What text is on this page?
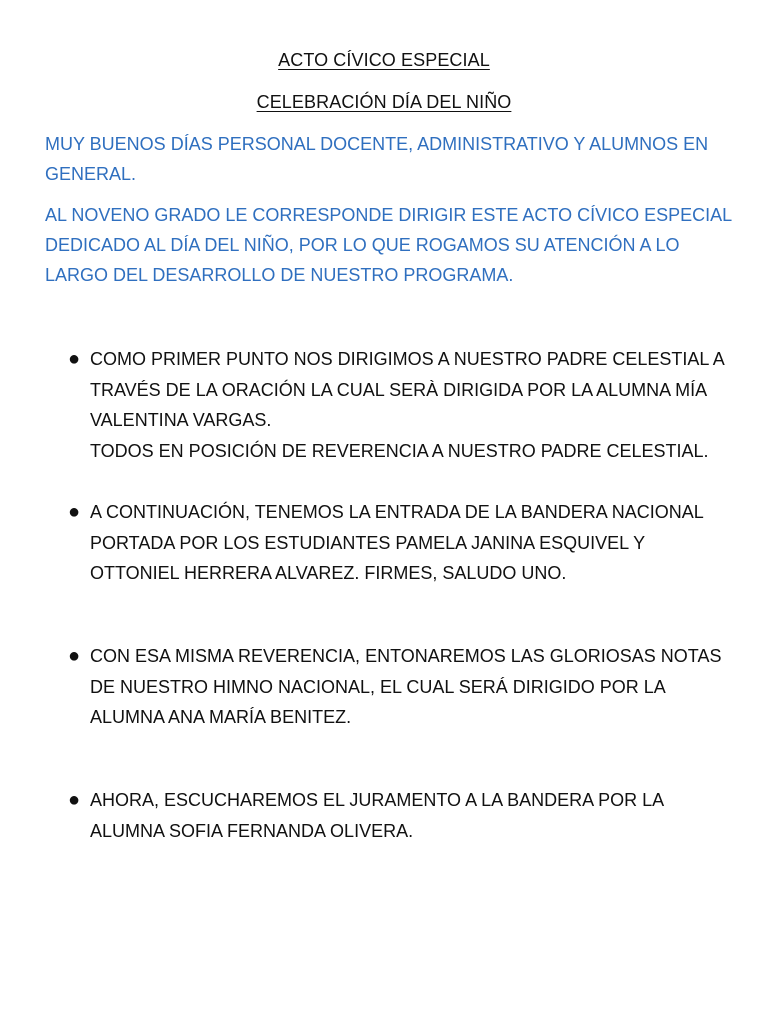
ACTO CÍVICO ESPECIAL
CELEBRACIÓN DÍA DEL NIÑO

MUY BUENOS DÍAS PERSONAL DOCENTE, ADMINISTRATIVO Y ALUMNOS EN GENERAL.

AL NOVENO GRADO LE CORRESPONDE DIRIGIR ESTE ACTO CÍVICO ESPECIAL DEDICADO AL DÍA DEL NIÑO, POR LO QUE ROGAMOS SU ATENCIÓN A LO LARGO DEL DESARROLLO DE NUESTRO PROGRAMA.

● COMO PRIMER PUNTO NOS DIRIGIMOS A NUESTRO PADRE CELESTIAL A TRAVÉS DE LA ORACIÓN LA CUAL SERÀ DIRIGIDA POR LA ALUMNA MÍA VALENTINA VARGAS.
TODOS EN POSICIÓN DE REVERENCIA A NUESTRO PADRE CELESTIAL.
● A CONTINUACIÓN, TENEMOS LA ENTRADA DE LA BANDERA NACIONAL PORTADA POR LOS ESTUDIANTES PAMELA JANINA ESQUIVEL Y OTTONIEL HERRERA ALVAREZ. FIRMES, SALUDO UNO.
● CON ESA MISMA REVERENCIA, ENTONAREMOS LAS GLORIOSAS NOTAS DE NUESTRO HIMNO NACIONAL, EL CUAL SERÁ DIRIGIDO POR LA ALUMNA ANA MARÍA BENITEZ.
● AHORA, ESCUCHAREMOS EL JURAMENTO A LA BANDERA POR LA ALUMNA SOFIA FERNANDA OLIVERA.
